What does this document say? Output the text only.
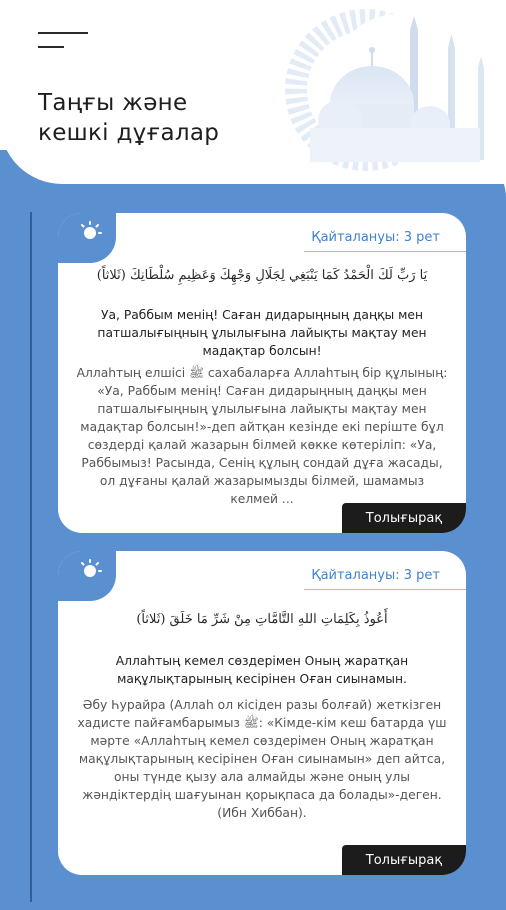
Таңғы және
кешкі дұғалар
Қайталануы: 3 рет
يَا رَبِّ لَكَ الْحَمْدُ كَمَا يَنْبَغِي لِجَلَالِ وَجْهِكَ وَعَظِيمِ سُلْطَانِكَ (ثَلاثاً)
Уа, Раббым менің! Саған дидарыңның даңқы мен патшалығыңның ұлылығына лайықты мақтау мен мадақтар болсын!
Аллаһтың елшісі ﷺ сахабаларға Аллаһтың бір құлының: «Уа, Раббым менің! Саған дидарыңның даңқы мен патшалығыңның ұлылығына лайықты мақтау мен мадақтар болсын!»-деп айтқан кезінде екі періште бұл сөздерді қалай жазарын білмей көкке көтеріліп: «Уа, Раббымыз! Расында, Сенің құлың сондай дұға жасады, ол дұғаны қалай жазарымызды білмей, шамамыз келмей ...
Толығырақ
Қайталануы: 3 рет
أَعُوذُ بِكَلِمَاتِ اللهِ التَّامَّاتِ مِنْ شَرِّ مَا خَلَقَ (ثَلاثاً)
Аллаһтың кемел сөздерімен Оның жаратқан мақұлықтарының кесірінен Оған сиынамын.
Әбу Һурайра (Аллаһ ол кісіден разы болғай) жеткізген хадисте пайғамбарымыз ﷺ: «Кімде-кім кеш батарда үш мәрте «Аллаһтың кемел сөздерімен Оның жаратқан мақұлықтарының кесірінен Оған сиынамын» деп айтса, оны түнде қызу ала алмайды және оның улы жәндіктердің шағуынан қорықпаса да болады»-деген. (Ибн Хиббан).
Толығырақ
